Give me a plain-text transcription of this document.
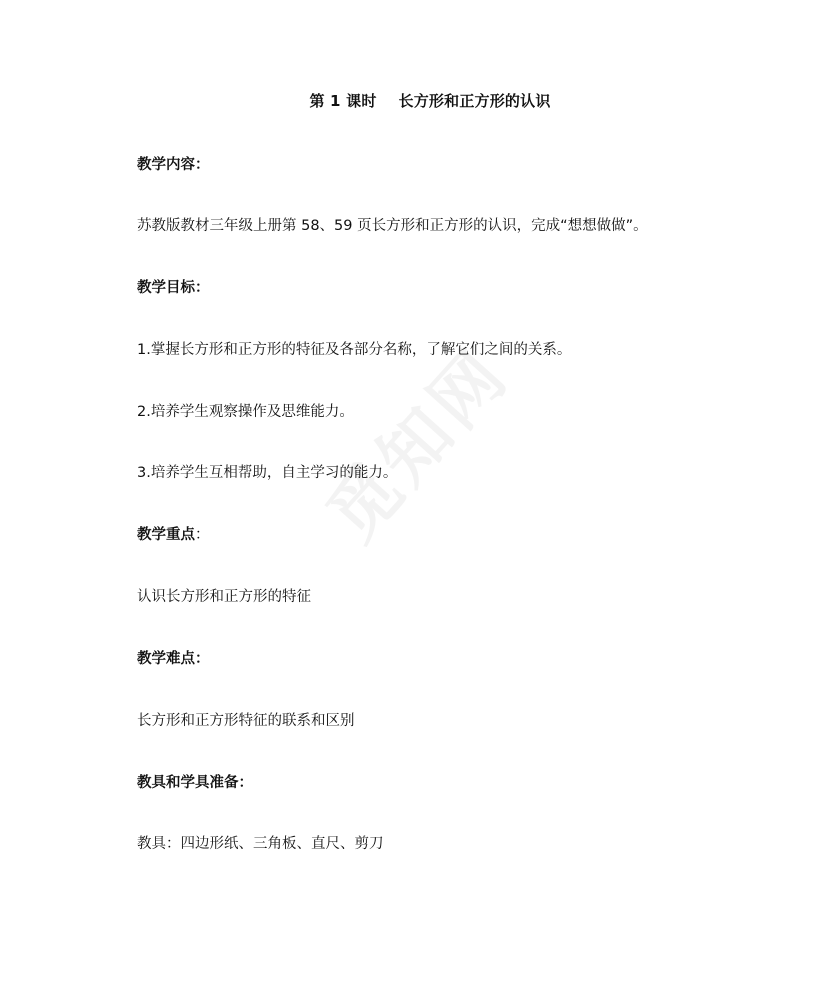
第 1 课时 长方形和正方形的认识
教学内容：
苏教版教材三年级上册第 58、59 页长方形和正方形的认识，完成“想想做做”。
教学目标：
1.掌握长方形和正方形的特征及各部分名称，了解它们之间的关系。
2.培养学生观察操作及思维能力。
3.培养学生互相帮助，自主学习的能力。
教学重点：
认识长方形和正方形的特征
教学难点：
长方形和正方形特征的联系和区别
教具和学具准备：
教具：四边形纸、三角板、直尺、剪刀
